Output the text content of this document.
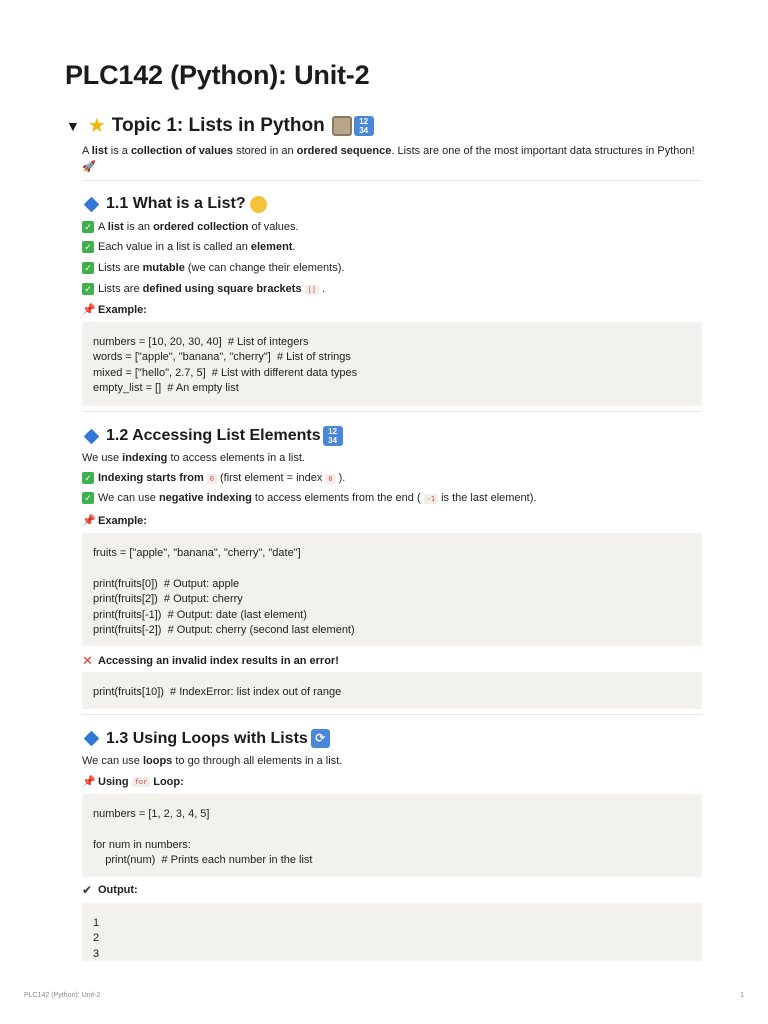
PLC142 (Python): Unit-2
▼ ★ Topic 1: Lists in Python	12
34
A list is a collection of values stored in an ordered sequence. Lists are one of the most important data structures in Python! 🚀
1.1 What is a List?
✓ A list is an ordered collection of values.
✓ Each value in a list is called an element.
✓ Lists are mutable (we can change their elements).
✓ Lists are defined using square brackets [] .
📌 Example:
numbers = [10, 20, 30, 40]  # List of integers
words = ["apple", "banana", "cherry"]  # List of strings
mixed = ["hello", 2.7, 5]  # List with different data types
empty_list = []  # An empty list
1.2 Accessing List Elements 12
34
We use indexing to access elements in a list.
✓ Indexing starts from 0 (first element = index 0 ).
✓ We can use negative indexing to access elements from the end ( -1 is the last element).
📌 Example:
fruits = ["apple", "banana", "cherry", "date"]

print(fruits[0])  # Output: apple
print(fruits[2])  # Output: cherry
print(fruits[-1])  # Output: date (last element)
print(fruits[-2])  # Output: cherry (second last element)
✕ Accessing an invalid index results in an error!
print(fruits[10])  # IndexError: list index out of range
1.3 Using Loops with Lists ⟳
We can use loops to go through all elements in a list.
📌 Using for Loop:
numbers = [1, 2, 3, 4, 5]

for num in numbers:
print(num)  # Prints each number in the list
✔ Output:
1
2
3
PLC142 (Python): Unit-2	1
